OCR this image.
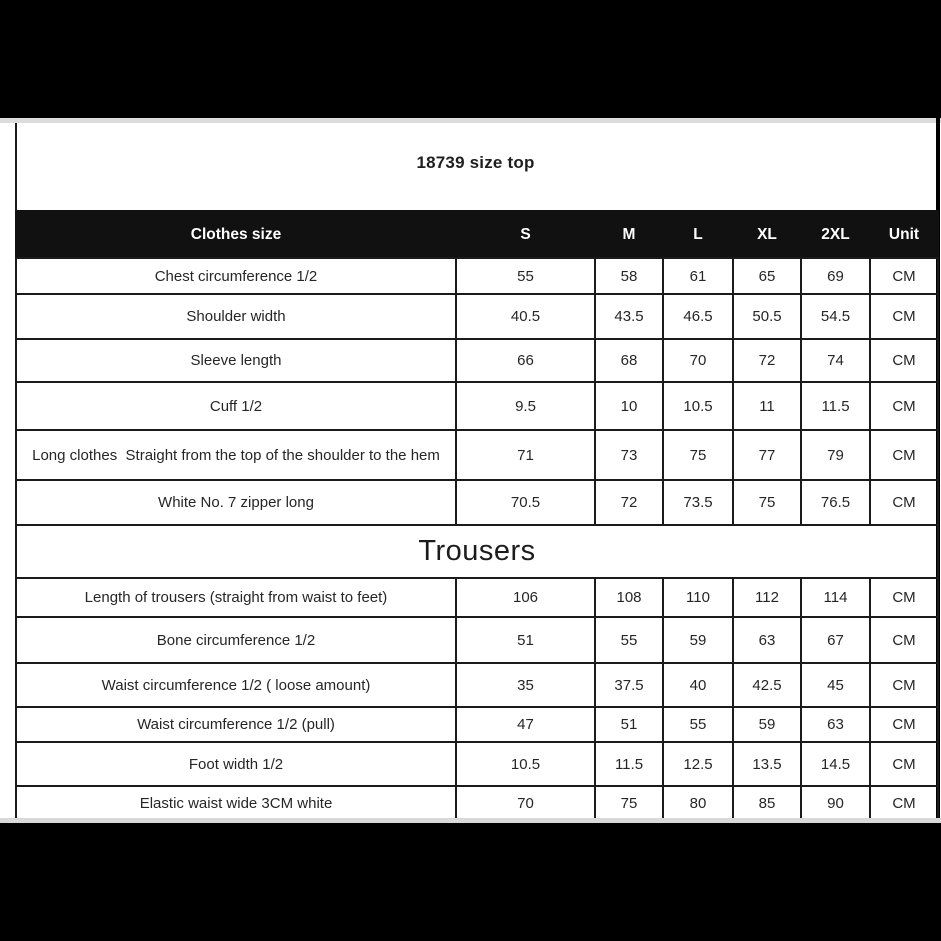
18739 size top
Clothes size	S	M	L	XL	2XL	Unit
Chest circumference 1/2	55	58	61	65	69	CM
Shoulder width	40.5	43.5	46.5	50.5	54.5	CM
Sleeve length	66	68	70	72	74	CM
Cuff 1/2	9.5	10	10.5	11	11.5	CM
Long clothes  Straight from the top of the shoulder to the hem	71	73	75	77	79	CM
White No. 7 zipper long	70.5	72	73.5	75	76.5	CM
Trousers						
Length of trousers (straight from waist to feet)	106	108	110	112	114	CM
Bone circumference 1/2	51	55	59	63	67	CM
Waist circumference 1/2 ( loose amount)	35	37.5	40	42.5	45	CM
Waist circumference 1/2 (pull)	47	51	55	59	63	CM
Foot width 1/2	10.5	11.5	12.5	13.5	14.5	CM
Elastic waist wide 3CM white	70	75	80	85	90	CM
